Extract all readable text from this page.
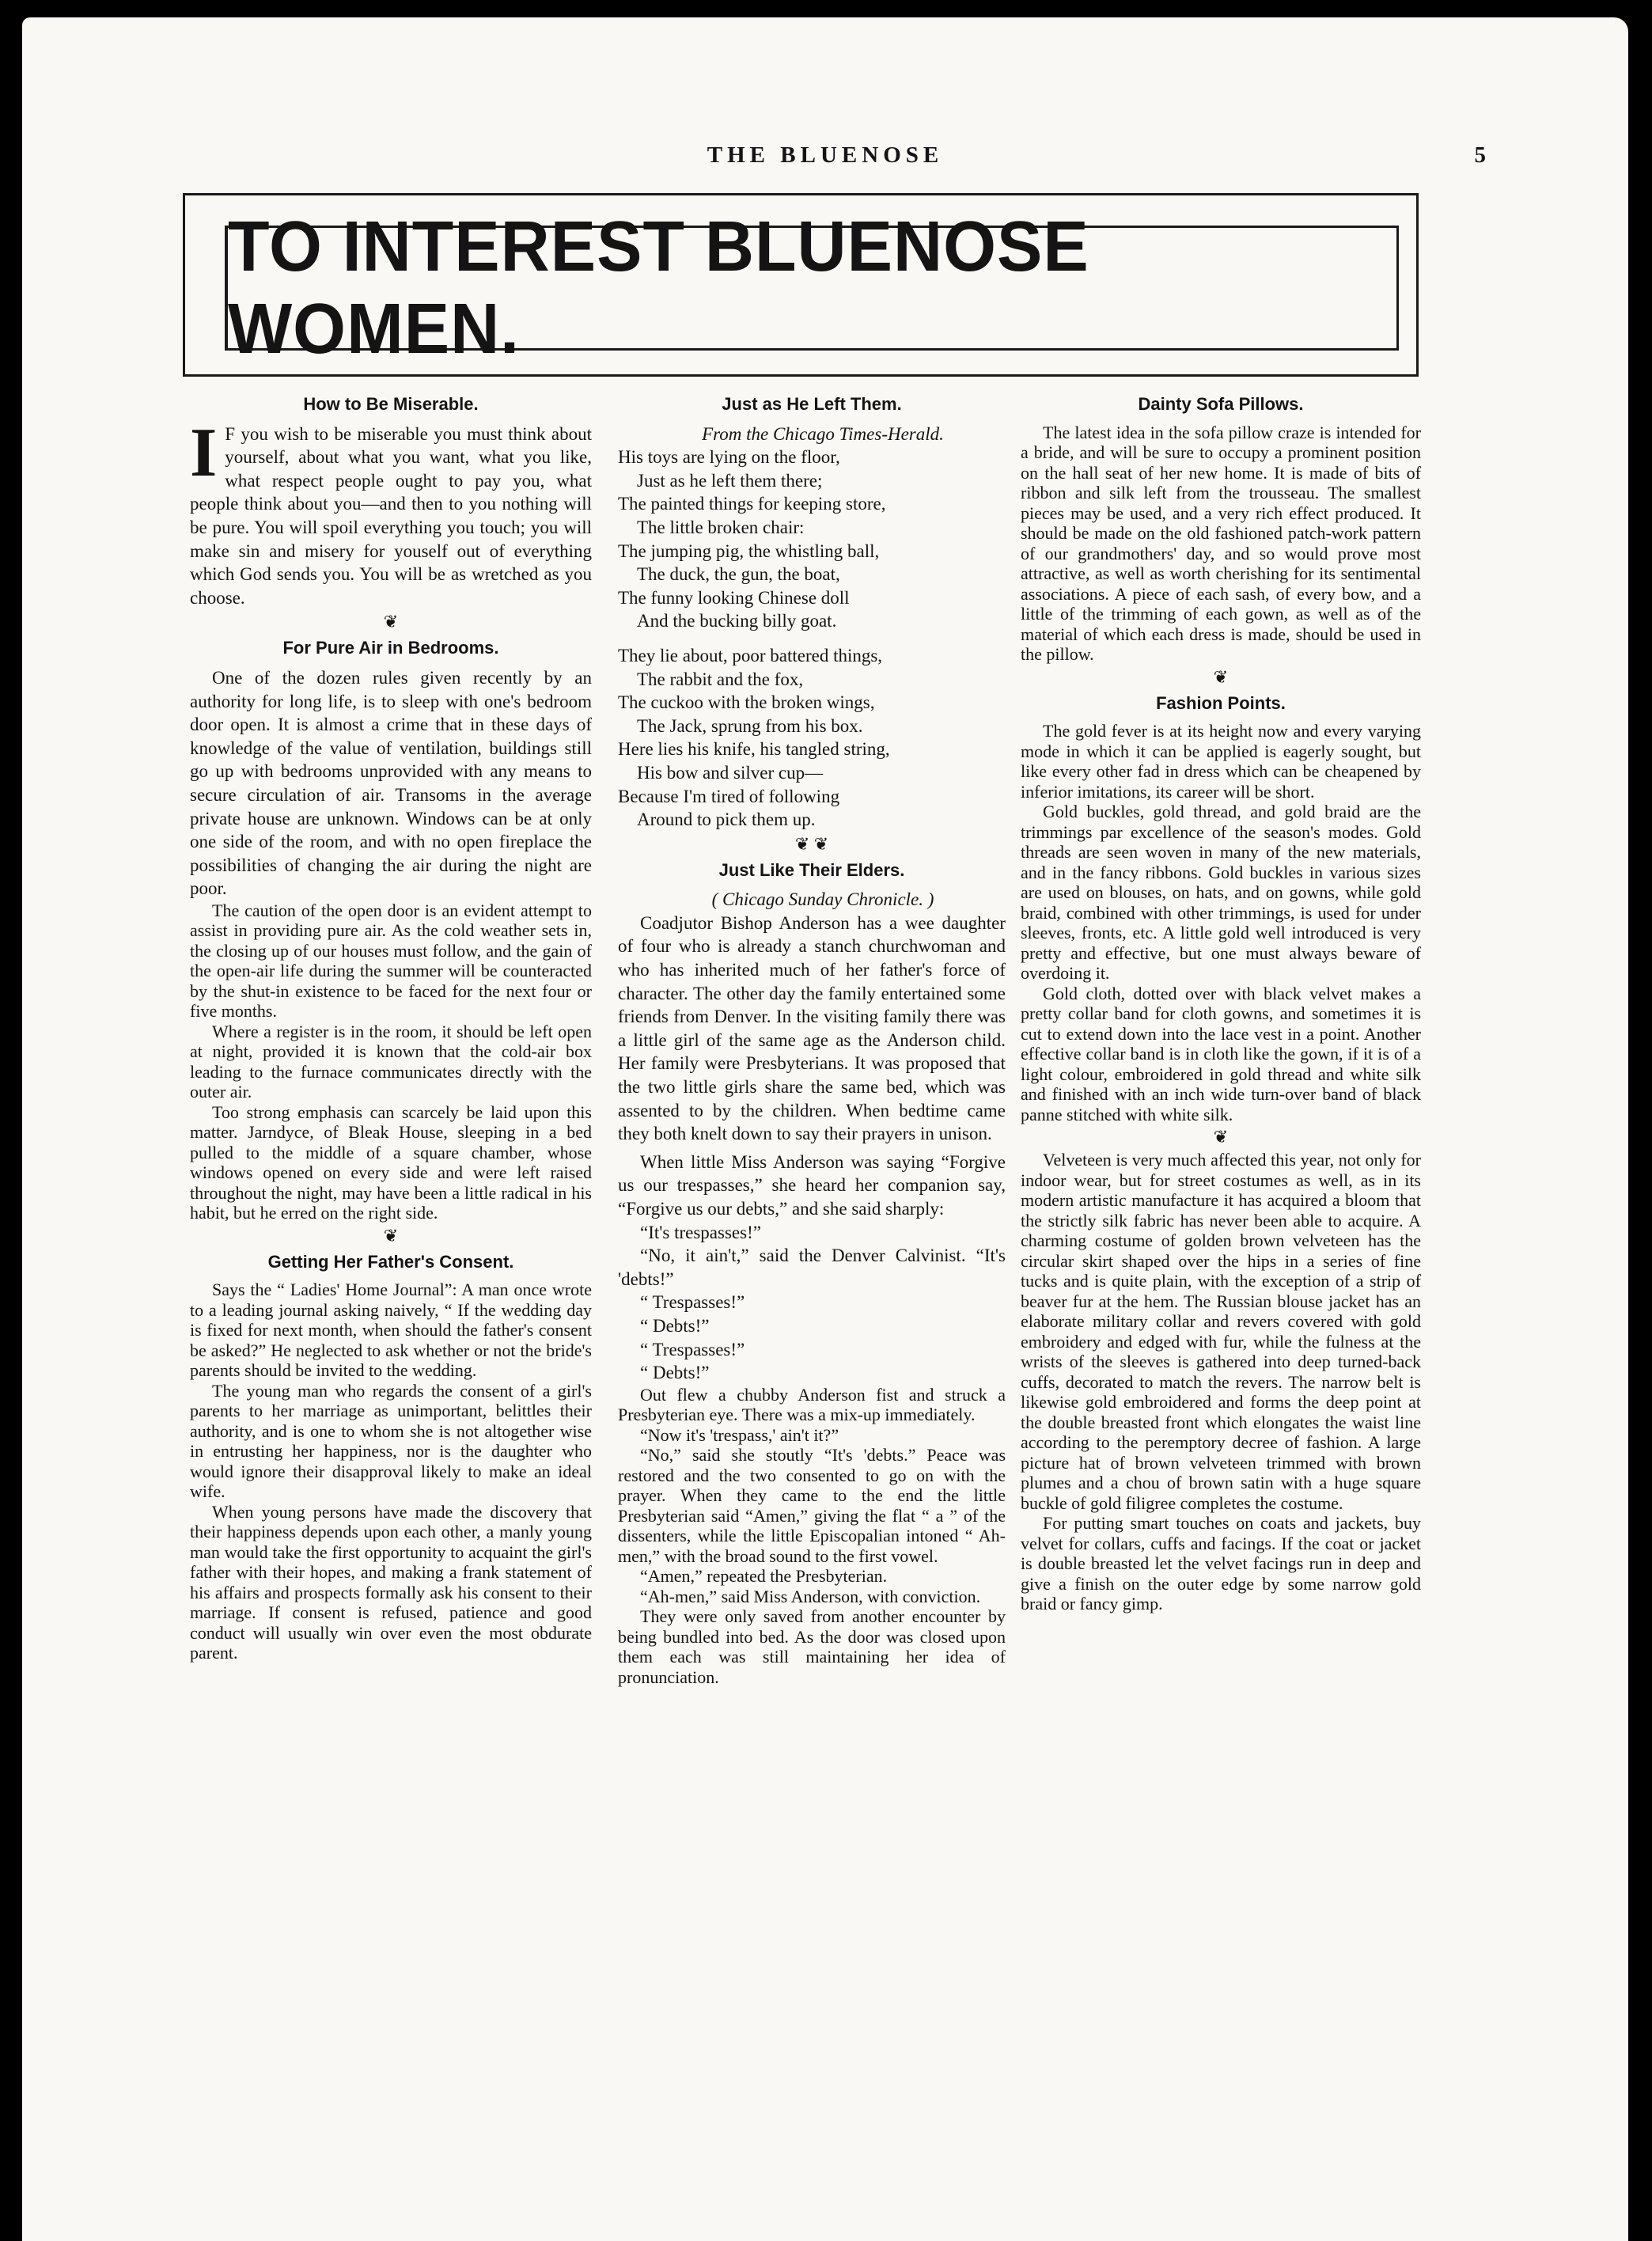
THE BLUENOSE	5
TO INTEREST BLUENOSE WOMEN.
How to Be Miserable.

I F you wish to be miserable you must think about yourself, about what you want, what you like, what respect people ought to pay you, what people think about you—and then to you nothing will be pure. You will spoil everything you touch; you will make sin and misery for youself out of everything which God sends you. You will be as wretched as you choose.

❦
For Pure Air in Bedrooms.

One of the dozen rules given recently by an authority for long life, is to sleep with one's bedroom door open. It is almost a crime that in these days of knowledge of the value of ventilation, buildings still go up with bedrooms unprovided with any means to secure circulation of air. Transoms in the average private house are unknown. Windows can be at only one side of the room, and with no open fireplace the possibilities of changing the air during the night are poor.

The caution of the open door is an evident attempt to assist in providing pure air. As the cold weather sets in, the closing up of our houses must follow, and the gain of the open-air life during the summer will be counteracted by the shut-in existence to be faced for the next four or five months.

Where a register is in the room, it should be left open at night, provided it is known that the cold-air box leading to the furnace communicates directly with the outer air.

Too strong emphasis can scarcely be laid upon this matter. Jarndyce, of Bleak House, sleeping in a bed pulled to the middle of a square chamber, whose windows opened on every side and were left raised throughout the night, may have been a little radical in his habit, but he erred on the right side.

❦
Getting Her Father's Consent.

Says the “ Ladies' Home Journal”: A man once wrote to a leading journal asking naively, “ If the wedding day is fixed for next month, when should the father's consent be asked?” He neglected to ask whether or not the bride's parents should be invited to the wedding.

The young man who regards the consent of a girl's parents to her marriage as unimportant, belittles their authority, and is one to whom she is not altogether wise in entrusting her happiness, nor is the daughter who would ignore their disapproval likely to make an ideal wife.

When young persons have made the discovery that their happiness depends upon each other, a manly young man would take the first opportunity to acquaint the girl's father with their hopes, and making a frank statement of his affairs and prospects formally ask his consent to their marriage. If consent is refused, patience and good conduct will usually win over even the most obdurate parent.

Just as He Left Them.

From the Chicago Times-Herald.

His toys are lying on the floor,

Just as he left them there;

The painted things for keeping store,

The little broken chair:

The jumping pig, the whistling ball,

The duck, the gun, the boat,

The funny looking Chinese doll

And the bucking billy goat.

They lie about, poor battered things,

The rabbit and the fox,

The cuckoo with the broken wings,

The Jack, sprung from his box.

Here lies his knife, his tangled string,

His bow and silver cup—

Because I'm tired of following

Around to pick them up.

❦ ❦
Just Like Their Elders.

( Chicago Sunday Chronicle. )

Coadjutor Bishop Anderson has a wee daughter of four who is already a stanch churchwoman and who has inherited much of her father's force of character. The other day the family entertained some friends from Denver. In the visiting family there was a little girl of the same age as the Anderson child. Her family were Presbyterians. It was proposed that the two little girls share the same bed, which was assented to by the children. When bedtime came they both knelt down to say their prayers in unison.

When little Miss Anderson was saying “Forgive us our trespasses,” she heard her companion say, “Forgive us our debts,” and she said sharply:

“It's trespasses!”

“No, it ain't,” said the Denver Calvinist. “It's 'debts!”

“ Trespasses!”

“ Debts!”

“ Trespasses!”

“ Debts!”

Out flew a chubby Anderson fist and struck a Presbyterian eye. There was a mix-up immediately.

“Now it's 'trespass,' ain't it?”

“No,” said she stoutly “It's 'debts.” Peace was restored and the two consented to go on with the prayer. When they came to the end the little Presbyterian said “Amen,” giving the flat “ a ” of the dissenters, while the little Episcopalian intoned “ Ah-men,” with the broad sound to the first vowel.

“Amen,” repeated the Presbyterian.

“Ah-men,” said Miss Anderson, with conviction.

They were only saved from another encounter by being bundled into bed. As the door was closed upon them each was still maintaining her idea of pronunciation.

Dainty Sofa Pillows.

The latest idea in the sofa pillow craze is intended for a bride, and will be sure to occupy a prominent position on the hall seat of her new home. It is made of bits of ribbon and silk left from the trousseau. The smallest pieces may be used, and a very rich effect produced. It should be made on the old fashioned patch-work pattern of our grandmothers' day, and so would prove most attractive, as well as worth cherishing for its sentimental associations. A piece of each sash, of every bow, and a little of the trimming of each gown, as well as of the material of which each dress is made, should be used in the pillow.

❦
Fashion Points.

The gold fever is at its height now and every varying mode in which it can be applied is eagerly sought, but like every other fad in dress which can be cheapened by inferior imitations, its career will be short.

Gold buckles, gold thread, and gold braid are the trimmings par excellence of the season's modes. Gold threads are seen woven in many of the new materials, and in the fancy ribbons. Gold buckles in various sizes are used on blouses, on hats, and on gowns, while gold braid, combined with other trimmings, is used for under sleeves, fronts, etc. A little gold well introduced is very pretty and effective, but one must always beware of overdoing it.

Gold cloth, dotted over with black velvet makes a pretty collar band for cloth gowns, and sometimes it is cut to extend down into the lace vest in a point. Another effective collar band is in cloth like the gown, if it is of a light colour, embroidered in gold thread and white silk and finished with an inch wide turn-over band of black panne stitched with white silk.

❦

Velveteen is very much affected this year, not only for indoor wear, but for street costumes as well, as in its modern artistic manufacture it has acquired a bloom that the strictly silk fabric has never been able to acquire. A charming costume of golden brown velveteen has the circular skirt shaped over the hips in a series of fine tucks and is quite plain, with the exception of a strip of beaver fur at the hem. The Russian blouse jacket has an elaborate military collar and revers covered with gold embroidery and edged with fur, while the fulness at the wrists of the sleeves is gathered into deep turned-back cuffs, decorated to match the revers. The narrow belt is likewise gold embroidered and forms the deep point at the double breasted front which elongates the waist line according to the peremptory decree of fashion. A large picture hat of brown velveteen trimmed with brown plumes and a chou of brown satin with a huge square buckle of gold filigree completes the costume.

For putting smart touches on coats and jackets, buy velvet for collars, cuffs and facings. If the coat or jacket is double breasted let the velvet facings run in deep and give a finish on the outer edge by some narrow gold braid or fancy gimp.
